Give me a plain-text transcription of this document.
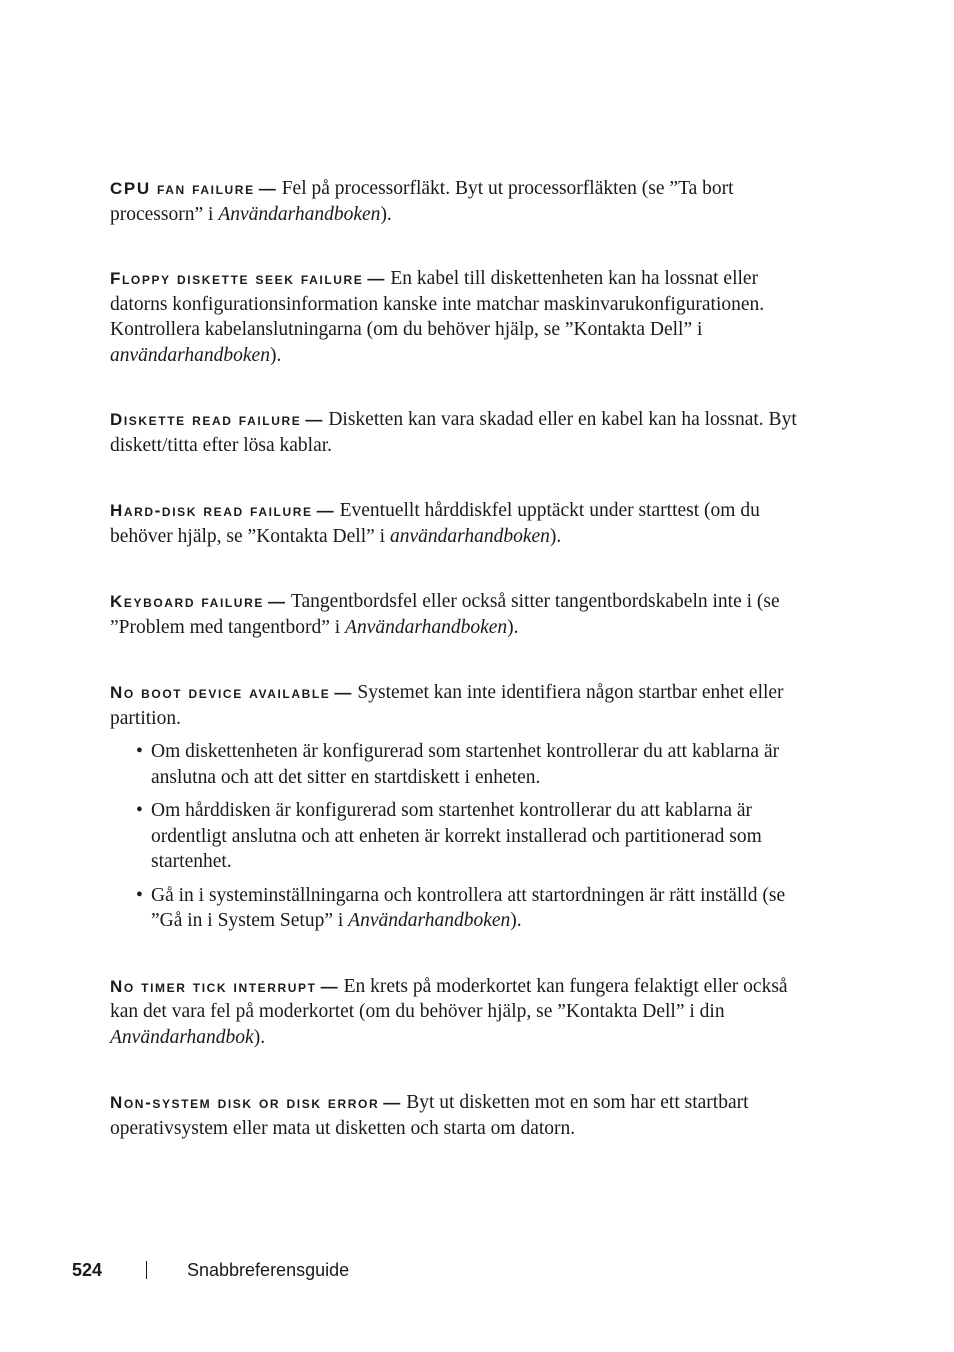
CPU fan failure — Fel på processorfläkt. Byt ut processorfläkten (se ”Ta bort processorn” i Användarhandboken).

Floppy diskette seek failure — En kabel till diskettenheten kan ha lossnat eller datorns konfigurationsinformation kanske inte matchar maskinvarukonfigurationen. Kontrollera kabelanslutningarna (om du behöver hjälp, se ”Kontakta Dell” i användarhandboken).

Diskette read failure — Disketten kan vara skadad eller en kabel kan ha lossnat. Byt diskett/titta efter lösa kablar.

Hard-disk read failure — Eventuellt hårddiskfel upptäckt under starttest (om du behöver hjälp, se ”Kontakta Dell” i användarhandboken).

Keyboard failure — Tangentbordsfel eller också sitter tangentbordskabeln inte i (se ”Problem med tangentbord” i Användarhandboken).

No boot device available — Systemet kan inte identifiera någon startbar enhet eller partition.

• Om diskettenheten är konfigurerad som startenhet kontrollerar du att kablarna är anslutna och att det sitter en startdiskett i enheten.
• Om hårddisken är konfigurerad som startenhet kontrollerar du att kablarna är ordentligt anslutna och att enheten är korrekt installerad och partitionerad som startenhet.
• Gå in i systeminställningarna och kontrollera att startordningen är rätt inställd (se ”Gå in i System Setup” i Användarhandboken).

No timer tick interrupt — En krets på moderkortet kan fungera felaktigt eller också kan det vara fel på moderkortet (om du behöver hjälp, se ”Kontakta Dell” i din Användarhandbok).

Non-system disk or disk error — Byt ut disketten mot en som har ett startbart operativsystem eller mata ut disketten och starta om datorn.

524	Snabbreferensguide
